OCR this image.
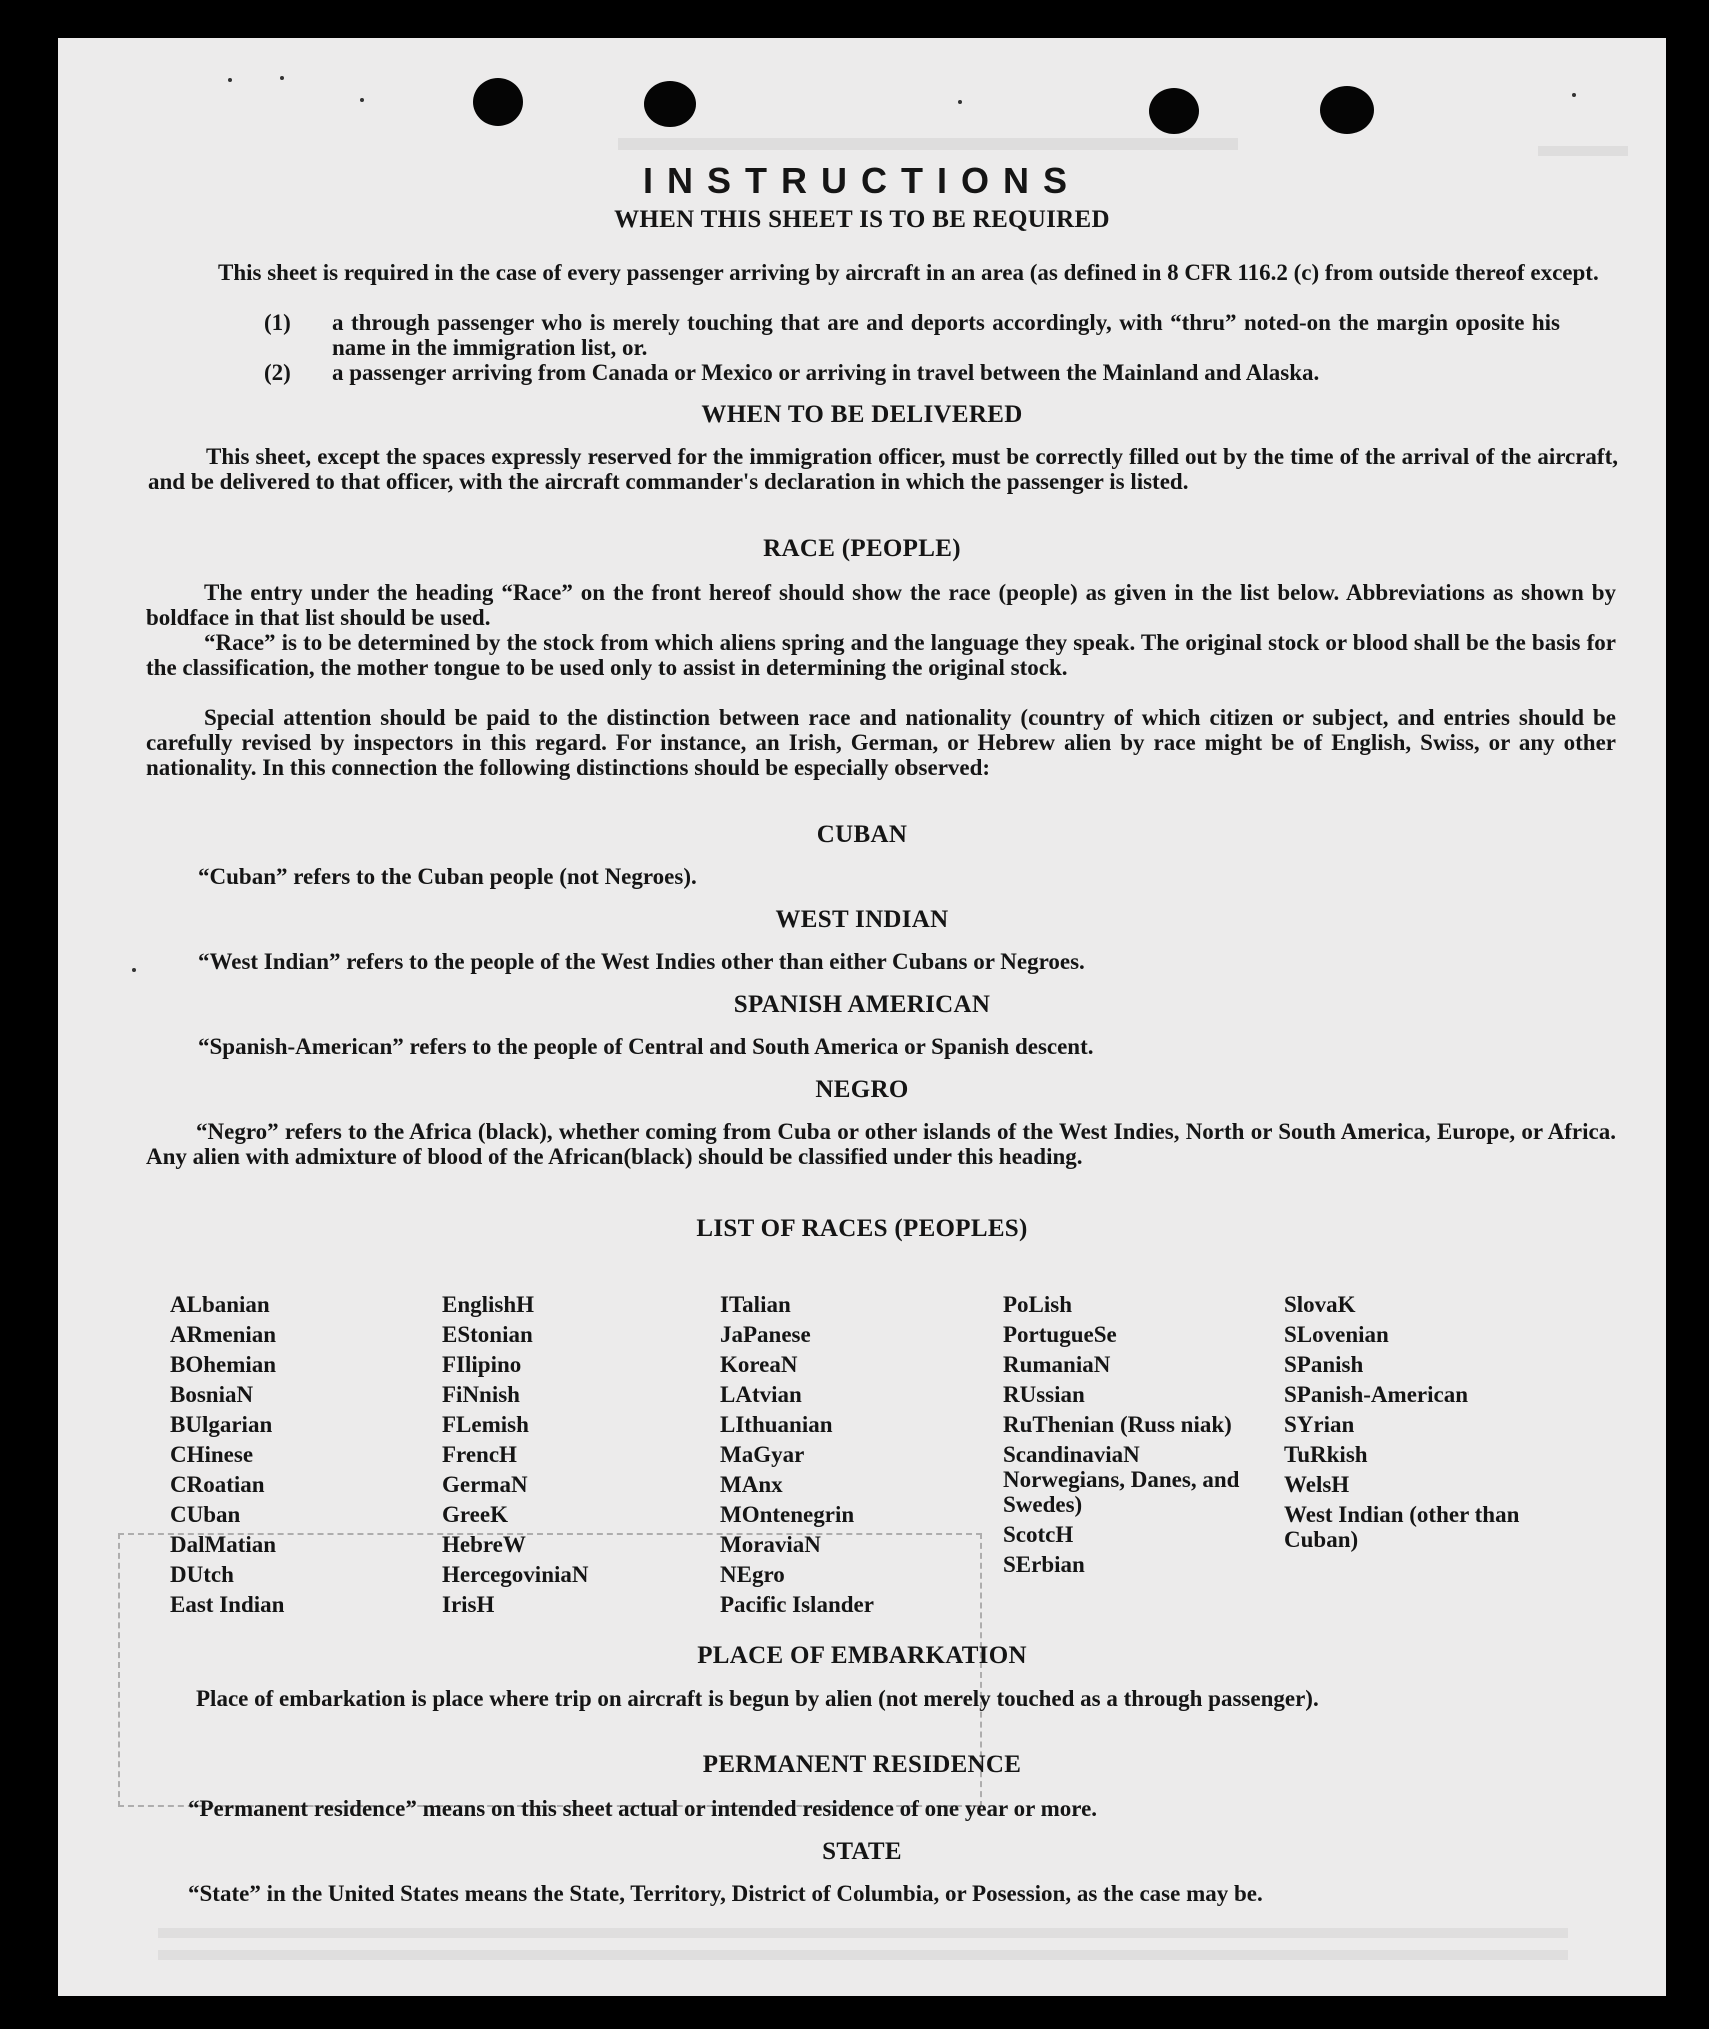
INSTRUCTIONS
WHEN THIS SHEET IS TO BE REQUIRED
This sheet is required in the case of every passenger arriving by aircraft in an area (as defined in 8 CFR 116.2 (c) from outside thereof except.
(1) a through passenger who is merely touching that are and deports accordingly, with “thru” noted-on the margin oposite his name in the immigration list, or.
(2) a passenger arriving from Canada or Mexico or arriving in travel between the Mainland and Alaska.
WHEN TO BE DELIVERED
This sheet, except the spaces expressly reserved for the immigration officer, must be correctly filled out by the time of the arrival of the aircraft, and be delivered to that officer, with the aircraft commander's declaration in which the passenger is listed.
RACE (PEOPLE)
The entry under the heading “Race” on the front hereof should show the race (people) as given in the list below. Abbreviations as shown by boldface in that list should be used.
“Race” is to be determined by the stock from which aliens spring and the language they speak. The original stock or blood shall be the basis for the classification, the mother tongue to be used only to assist in determining the original stock.
Special attention should be paid to the distinction between race and nationality (country of which citizen or subject, and entries should be carefully revised by inspectors in this regard. For instance, an Irish, German, or Hebrew alien by race might be of English, Swiss, or any other nationality. In this connection the following distinctions should be especially observed:
CUBAN
“Cuban” refers to the Cuban people (not Negroes).
WEST INDIAN
“West Indian” refers to the people of the West Indies other than either Cubans or Negroes.
SPANISH AMERICAN
“Spanish-American” refers to the people of Central and South America or Spanish descent.
NEGRO
“Negro” refers to the Africa (black), whether coming from Cuba or other islands of the West Indies, North or South America, Europe, or Africa. Any alien with admixture of blood of the African(black) should be classified under this heading.
LIST OF RACES (PEOPLES)
ALbanian
ARmenian
BOhemian
BosniaN
BUlgarian
CHinese
CRoatian
CUban
DalMatian
DUtch
East Indian
EnglishH
EStonian
FIlipino
FiNnish
FLemish
FrencH
GermaN
GreeK
HebreW
HercegoviniaN
IrisH
ITalian
JaPanese
KoreaN
LAtvian
LIthuanian
MaGyar
MAnx
MOntenegrin
MoraviaN
NEgro
Pacific Islander
PoLish
PortugueSe
RumaniaN
RUssian
RuThenian (Russ niak)
ScandinaviaN Norwegians, Danes, and Swedes)
ScotcH
SErbian
SlovaK
SLovenian
SPanish
SPanish-American
SYrian
TuRkish
WelsH
West Indian (other than Cuban)
PLACE OF EMBARKATION
Place of embarkation is place where trip on aircraft is begun by alien (not merely touched as a through passenger).
PERMANENT RESIDENCE
“Permanent residence” means on this sheet actual or intended residence of one year or more.
STATE
“State” in the United States means the State, Territory, District of Columbia, or Posession, as the case may be.
